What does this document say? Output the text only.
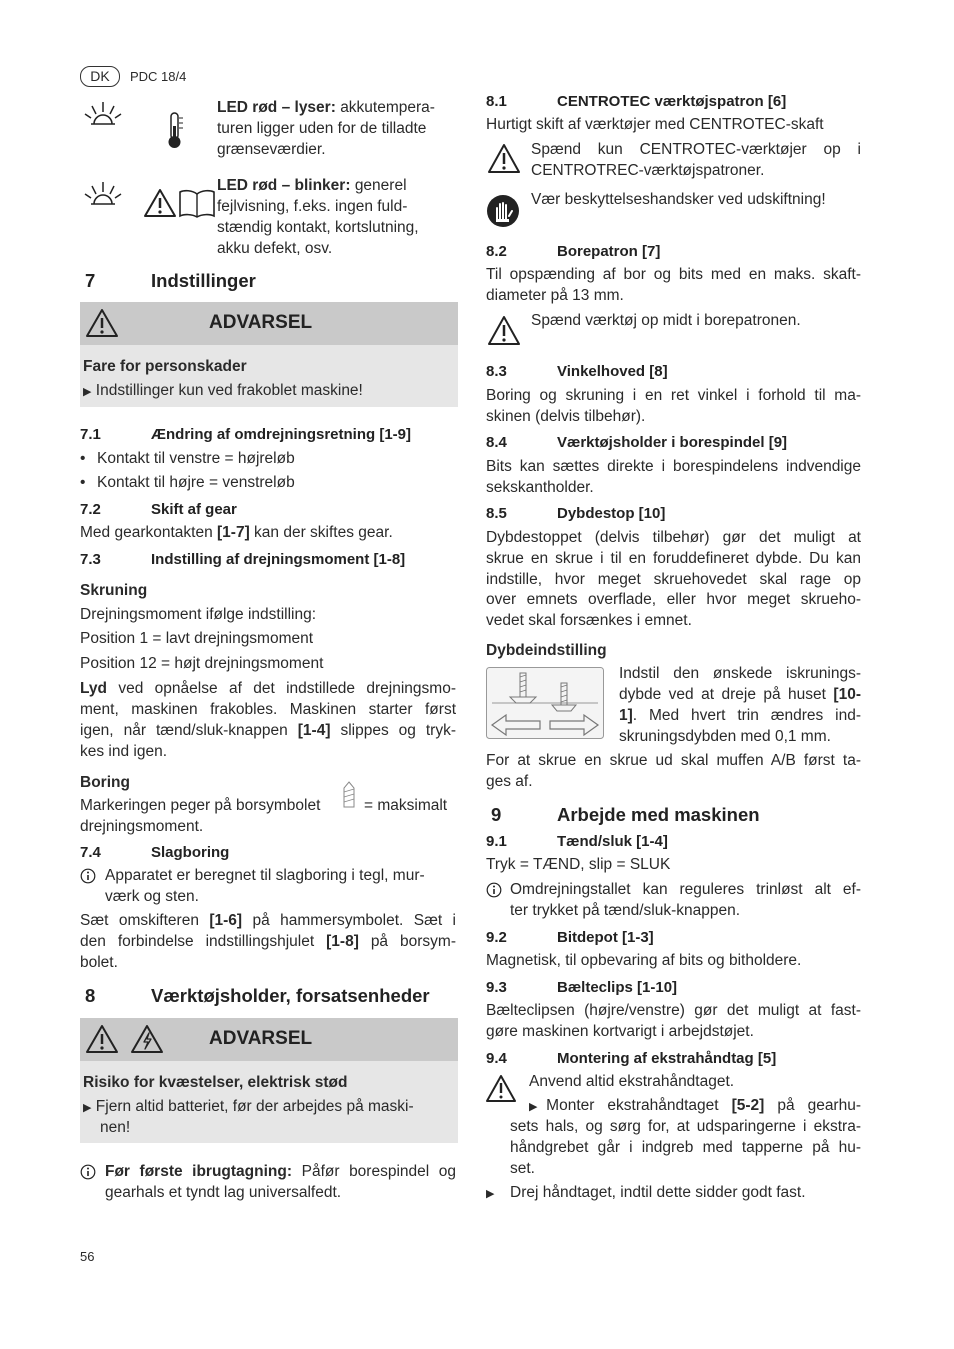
DK	PDC 18/4
LED rød – lyser: akkutempera-
turen ligger uden for de tilladte
grænseværdier.
LED rød – blinker: generel
fejlvisning, f.eks. ingen fuld-
stændig kontakt, kortslutning,
akku defekt, osv.
7	Indstillinger
ADVARSEL
Fare for personskader
▶ Indstillinger kun ved frakoblet maskine!
7.1	Ændring af omdrejningsretning [1-9]
• Kontakt til venstre = højreløb
• Kontakt til højre = venstreløb
7.2	Skift af gear
Med gearkontakten [1-7] kan der skiftes gear.
7.3	Indstilling af drejningsmoment [1-8]
Skruning
Drejningsmoment ifølge indstilling:
Position 1 = lavt drejningsmoment
Position 12 = højt drejningsmoment
Lyd ved opnåelse af det indstillede drejningsmo-
ment, maskinen frakobles. Maskinen starter først
igen, når tænd/sluk-knappen [1-4] slippes og tryk-
kes ind igen.
Boring
Markeringen peger på borsymbolet	= maksimalt
drejningsmoment.
7.4	Slagboring
Apparatet er beregnet til slagboring i tegl, mur-
værk og sten.
Sæt omskifteren [1-6] på hammersymbolet. Sæt i
den forbindelse indstillingshjulet [1-8] på borsym-
bolet.
8	Værktøjsholder, forsatsenheder
ADVARSEL
Risiko for kvæstelser, elektrisk stød
▶ Fjern altid batteriet, før der arbejdes på maski-
nen!
Før første ibrugtagning: Påfør borespindel og
gearhals et tyndt lag universalfedt.
8.1	CENTROTEC værktøjspatron [6]
Hurtigt skift af værktøjer med CENTROTEC-skaft
Spænd kun CENTROTEC-værktøjer op i
CENTROTREC-værktøjspatroner.
Vær beskyttelseshandsker ved udskiftning!
8.2	Borepatron [7]
Til opspænding af bor og bits med en maks. skaft-
diameter på 13 mm.
Spænd værktøj op midt i borepatronen.
8.3	Vinkelhoved [8]
Boring og skruning i en ret vinkel i forhold til ma-
skinen (delvis tilbehør).
8.4	Værktøjsholder i borespindel [9]
Bits kan sættes direkte i borespindelens indvendige
sekskantholder.
8.5	Dybdestop [10]
Dybdestoppet (delvis tilbehør) gør det muligt at
skrue en skrue i til en foruddefineret dybde. Du kan
indstille, hvor meget skruehovedet skal rage op
over emnets overflade, eller hvor meget skrueho-
vedet skal forsænkes i emnet.
Dybdeindstilling
Indstil den ønskede iskrunings-
dybde ved at dreje på huset [10-
1]. Med hvert trin ændres ind-
skruningsdybden med 0,1 mm.
For at skrue en skrue ud skal muffen A/B først ta-
ges af.
9	Arbejde med maskinen
9.1	Tænd/sluk [1-4]
Tryk = TÆND, slip = SLUK
Omdrejningstallet kan reguleres trinløst alt ef-
ter trykket på tænd/sluk-knappen.
9.2	Bitdepot [1-3]
Magnetisk, til opbevaring af bits og bitholdere.
9.3	Bælteclips [1-10]
Bælteclipsen (højre/venstre) gør det muligt at fast-
gøre maskinen kortvarigt i arbejdstøjet.
9.4	Montering af ekstrahåndtag [5]
Anvend altid ekstrahåndtaget.
▶Monter ekstrahåndtaget [5-2] på gearhu-
sets hals, og sørg for, at udsparingerne i ekstra-
håndgrebet går i indgreb med tapperne på hu-
set.
▶ Drej håndtaget, indtil dette sidder godt fast.
56
